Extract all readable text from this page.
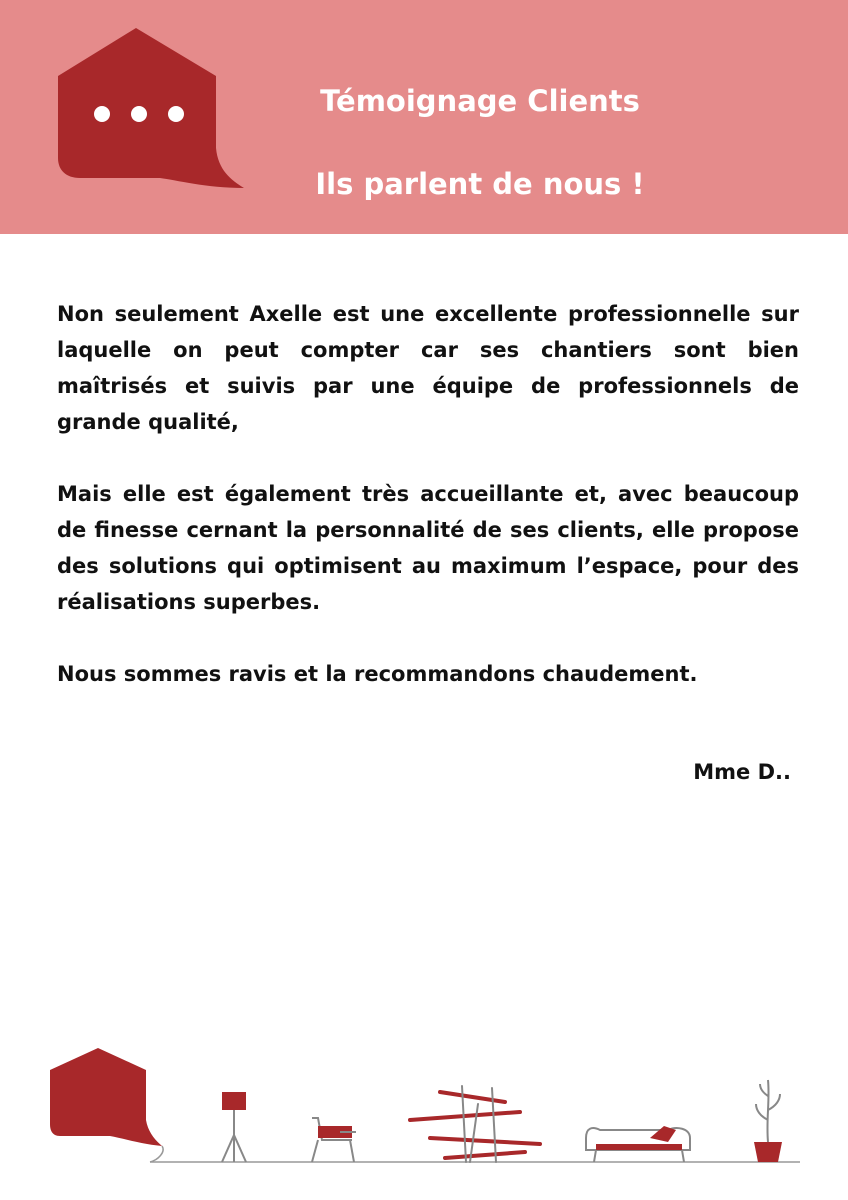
Témoignage Clients
Ils parlent de nous !

Non seulement Axelle est une excellente professionnelle sur laquelle on peut compter car ses chantiers sont bien maîtrisés et suivis par une équipe de professionnels de grande qualité,

Mais elle est également très accueillante et, avec beaucoup de finesse cernant la personnalité de ses clients, elle propose des solutions qui optimisent au maximum l’espace, pour des réalisations superbes.

Nous sommes ravis et la recommandons chaudement.

Mme D..
